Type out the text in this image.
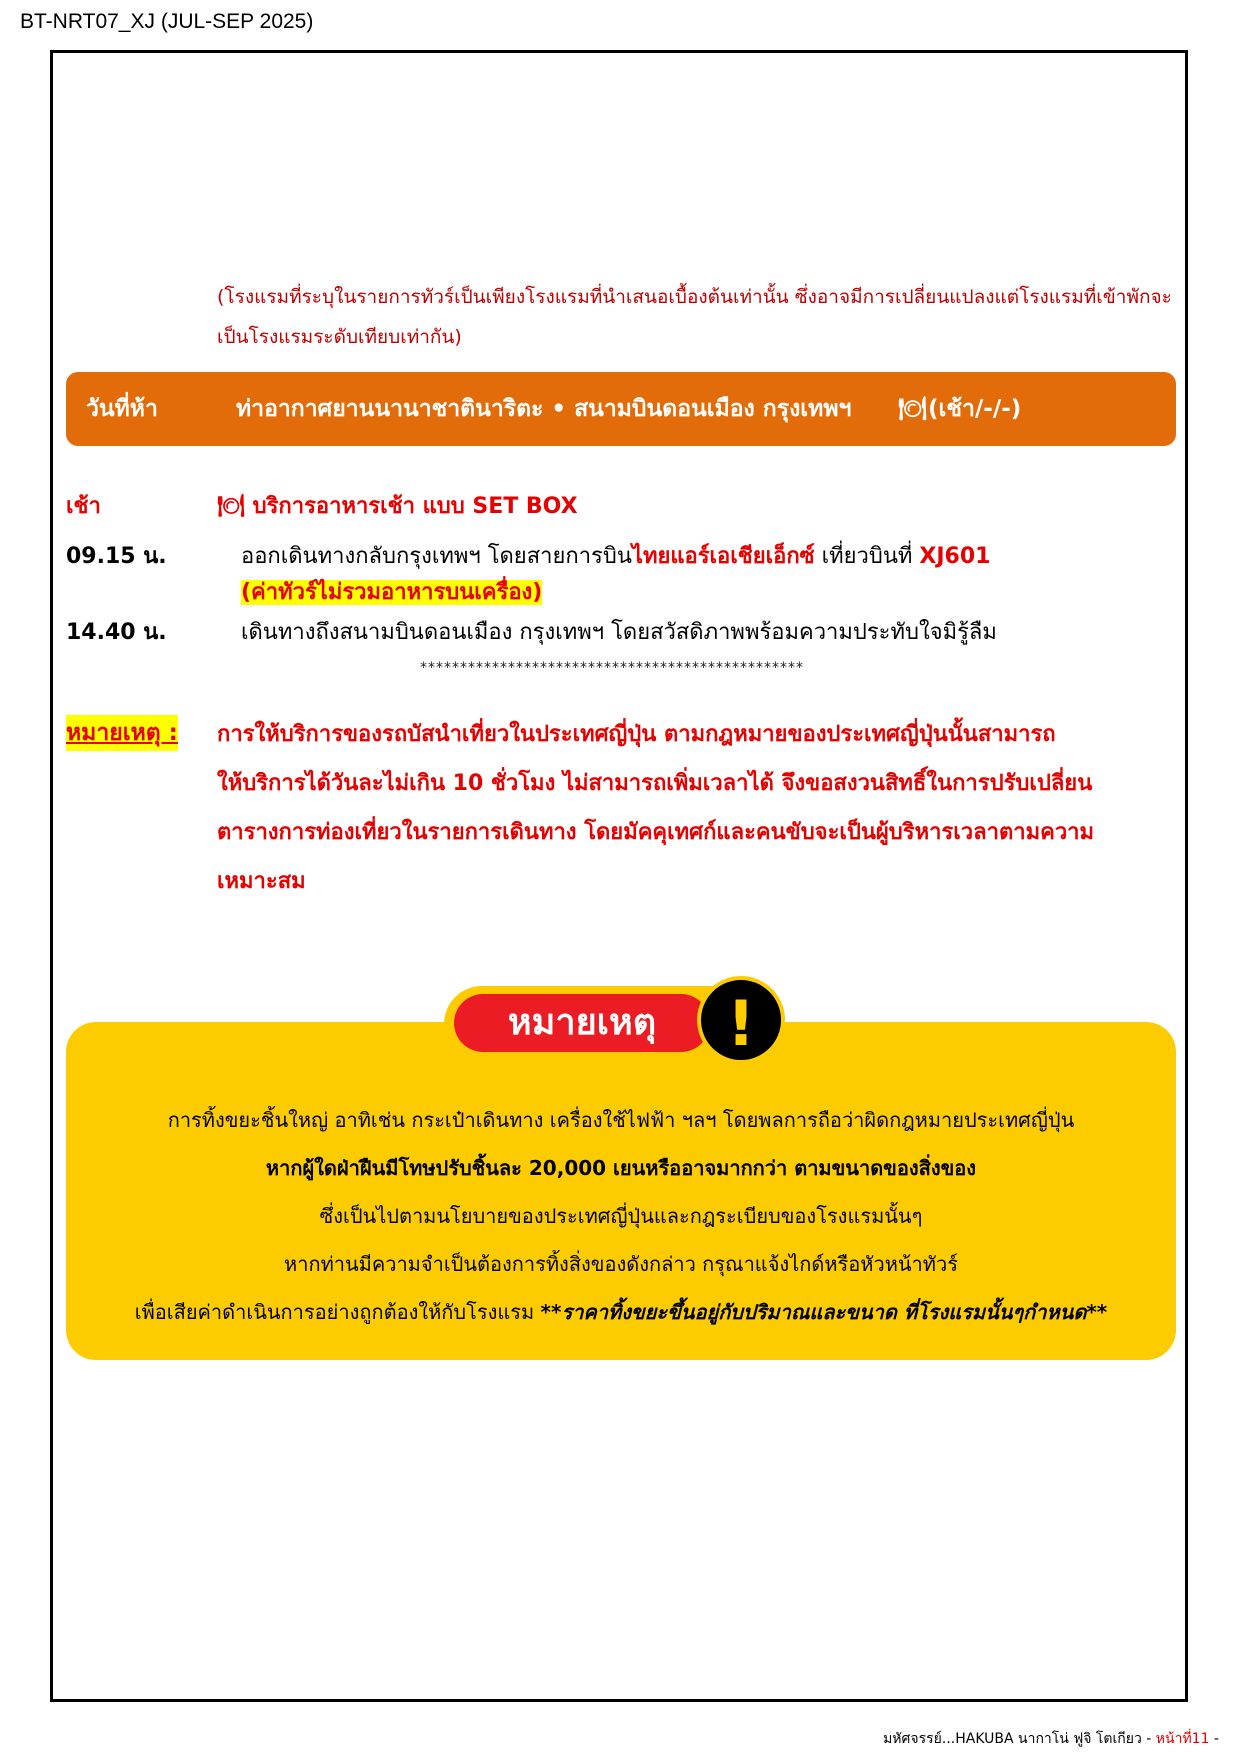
BT-NRT07_XJ (JUL-SEP 2025)
(โรงแรมที่ระบุในรายการทัวร์เป็นเพียงโรงแรมที่นำเสนอเบื้องต้นเท่านั้น ซึ่งอาจมีการเปลี่ยนแปลงแต่โรงแรมที่เข้าพักจะเป็นโรงแรมระดับเทียบเท่ากัน)
วันที่ห้า	ท่าอากาศยานนานาชาตินาริตะ • สนามบินดอนเมือง กรุงเทพฯ 🍽 (เช้า/-/-)
เช้า	🍽 บริการอาหารเช้า แบบ SET BOX
09.15 น.	ออกเดินทางกลับกรุงเทพฯ โดยสายการบินไทยแอร์เอเชียเอ็กซ์ เที่ยวบินที่ XJ601
(ค่าทัวร์ไม่รวมอาหารบนเครื่อง)
14.40 น.	เดินทางถึงสนามบินดอนเมือง กรุงเทพฯ โดยสวัสดิภาพพร้อมความประทับใจมิรู้ลืม
************************************************
หมายเหตุ : การให้บริการของรถบัสนำเที่ยวในประเทศญี่ปุ่น ตามกฎหมายของประเทศญี่ปุ่นนั้นสามารถ
ให้บริการได้วันละไม่เกิน 10 ชั่วโมง ไม่สามารถเพิ่มเวลาได้ จึงขอสงวนสิทธิ์ในการปรับเปลี่ยน
ตารางการท่องเที่ยวในรายการเดินทาง โดยมัคคุเทศก์และคนขับจะเป็นผู้บริหารเวลาตามความ
เหมาะสม
หมายเหตุ	!
การทิ้งขยะชิ้นใหญ่ อาทิเช่น กระเป๋าเดินทาง เครื่องใช้ไฟฟ้า ฯลฯ โดยพลการถือว่าผิดกฎหมายประเทศญี่ปุ่น
หากผู้ใดฝ่าฝืนมีโทษปรับชิ้นละ 20,000 เยนหรืออาจมากกว่า ตามขนาดของสิ่งของ
ซึ่งเป็นไปตามนโยบายของประเทศญี่ปุ่นและกฎระเบียบของโรงแรมนั้นๆ
หากท่านมีความจำเป็นต้องการทิ้งสิ่งของดังกล่าว กรุณาแจ้งไกด์หรือหัวหน้าทัวร์
เพื่อเสียค่าดำเนินการอย่างถูกต้องให้กับโรงแรม **ราคาทิ้งขยะขึ้นอยู่กับปริมาณและขนาด ที่โรงแรมนั้นๆกำหนด**
มหัศจรรย์...HAKUBA นากาโน่ ฟูจิ โตเกียว - หน้าที่11 -
